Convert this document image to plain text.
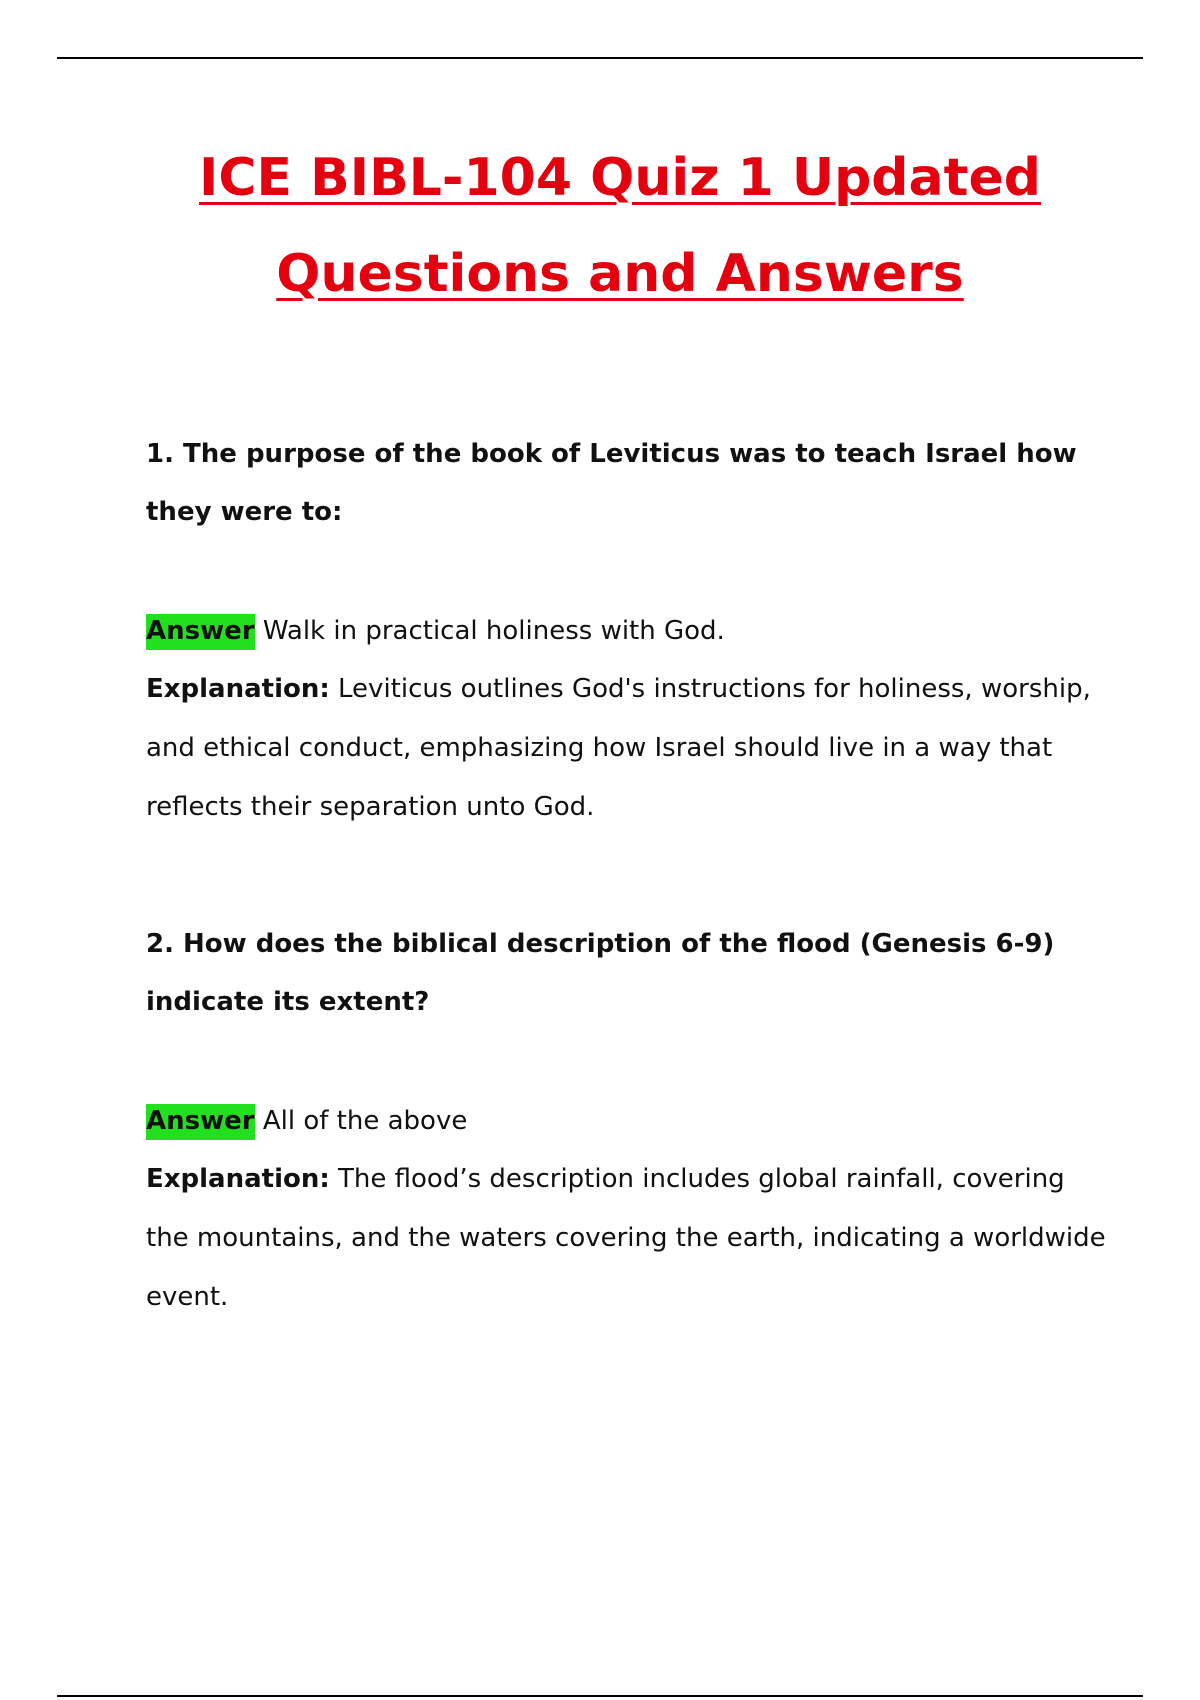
ICE BIBL-104 Quiz 1 Updated
Questions and Answers

1. The purpose of the book of Leviticus was to teach Israel how they were to:

Answer Walk in practical holiness with God.

Explanation: Leviticus outlines God's instructions for holiness, worship, and ethical conduct, emphasizing how Israel should live in a way that reflects their separation unto God.

2. How does the biblical description of the flood (Genesis 6-9) indicate its extent?

Answer All of the above

Explanation: The flood’s description includes global rainfall, covering the mountains, and the waters covering the earth, indicating a worldwide event.
